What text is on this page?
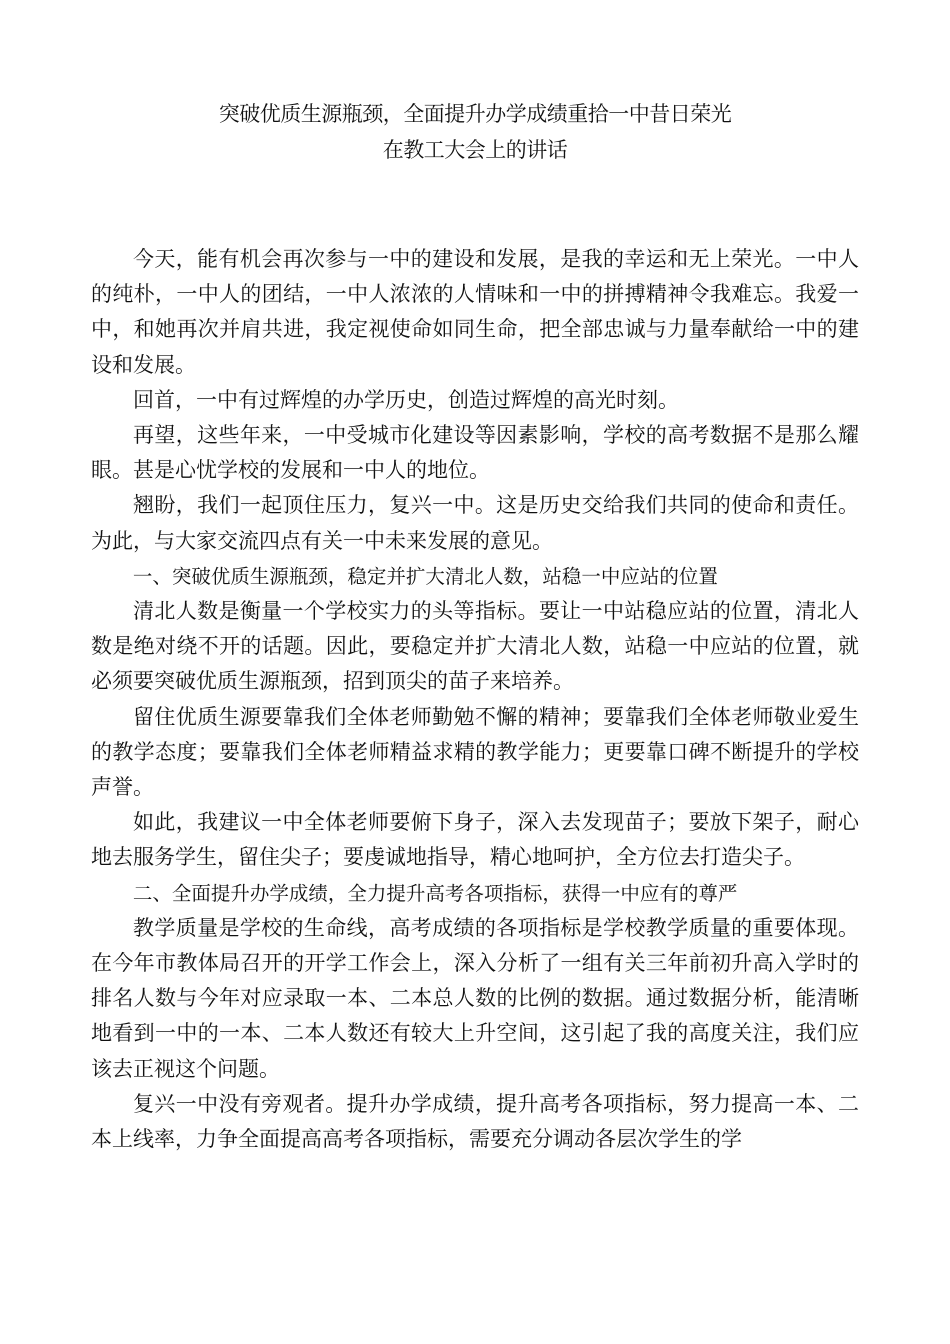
突破优质生源瓶颈，全面提升办学成绩重拾一中昔日荣光
在教工大会上的讲话

今天，能有机会再次参与一中的建设和发展，是我的幸运和无上荣光。一中人的纯朴，一中人的团结，一中人浓浓的人情味和一中的拼搏精神令我难忘。我爱一中，和她再次并肩共进，我定视使命如同生命，把全部忠诚与力量奉献给一中的建设和发展。

回首，一中有过辉煌的办学历史，创造过辉煌的高光时刻。

再望，这些年来，一中受城市化建设等因素影响，学校的高考数据不是那么耀眼。甚是心忧学校的发展和一中人的地位。

翘盼，我们一起顶住压力，复兴一中。这是历史交给我们共同的使命和责任。为此，与大家交流四点有关一中未来发展的意见。

一、突破优质生源瓶颈，稳定并扩大清北人数，站稳一中应站的位置

清北人数是衡量一个学校实力的头等指标。要让一中站稳应站的位置，清北人数是绝对绕不开的话题。因此，要稳定并扩大清北人数，站稳一中应站的位置，就必须要突破优质生源瓶颈，招到顶尖的苗子来培养。

留住优质生源要靠我们全体老师勤勉不懈的精神；要靠我们全体老师敬业爱生的教学态度；要靠我们全体老师精益求精的教学能力；更要靠口碑不断提升的学校声誉。

如此，我建议一中全体老师要俯下身子，深入去发现苗子；要放下架子，耐心地去服务学生，留住尖子；要虔诚地指导，精心地呵护，全方位去打造尖子。

二、全面提升办学成绩，全力提升高考各项指标，获得一中应有的尊严

教学质量是学校的生命线，高考成绩的各项指标是学校教学质量的重要体现。在今年市教体局召开的开学工作会上，深入分析了一组有关三年前初升高入学时的排名人数与今年对应录取一本、二本总人数的比例的数据。通过数据分析，能清晰地看到一中的一本、二本人数还有较大上升空间，这引起了我的高度关注，我们应该去正视这个问题。

复兴一中没有旁观者。提升办学成绩，提升高考各项指标，努力提高一本、二本上线率，力争全面提高高考各项指标，需要充分调动各层次学生的学
